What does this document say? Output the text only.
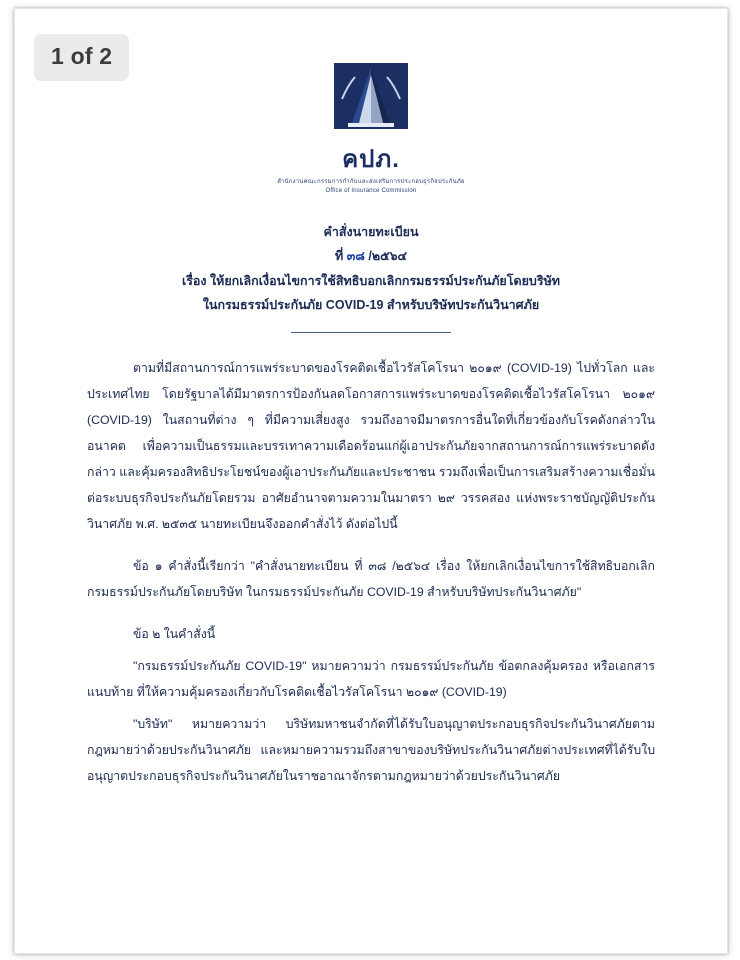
1 of 2
คปภ.
สำนักงานคณะกรรมการกำกับและส่งเสริมการประกอบธุรกิจประกันภัย
Office of Insurance Commission
คำสั่งนายทะเบียน
ที่ ๓๘ /๒๕๖๔
เรื่อง ให้ยกเลิกเงื่อนไขการใช้สิทธิบอกเลิกกรมธรรม์ประกันภัยโดยบริษัท
ในกรมธรรม์ประกันภัย COVID-19 สำหรับบริษัทประกันวินาศภัย

ตามที่มีสถานการณ์การแพร่ระบาดของโรคติดเชื้อไวรัสโคโรนา ๒๐๑๙ (COVID-19) ไปทั่วโลก และประเทศไทย โดยรัฐบาลได้มีมาตรการป้องกันลดโอกาสการแพร่ระบาดของโรคติดเชื้อไวรัสโคโรนา ๒๐๑๙ (COVID-19) ในสถานที่ต่าง ๆ ที่มีความเสี่ยงสูง รวมถึงอาจมีมาตรการอื่นใดที่เกี่ยวข้องกับโรคดังกล่าวในอนาคต เพื่อความเป็นธรรมและบรรเทาความเดือดร้อนแก่ผู้เอาประกันภัยจากสถานการณ์การแพร่ระบาดดังกล่าว และคุ้มครองสิทธิประโยชน์ของผู้เอาประกันภัยและประชาชน รวมถึงเพื่อเป็นการเสริมสร้างความเชื่อมั่นต่อระบบธุรกิจประกันภัยโดยรวม อาศัยอำนาจตามความในมาตรา ๒๙ วรรคสอง แห่งพระราชบัญญัติประกันวินาศภัย พ.ศ. ๒๕๓๕ นายทะเบียนจึงออกคำสั่งไว้ ดังต่อไปนี้

ข้อ ๑ คำสั่งนี้เรียกว่า "คำสั่งนายทะเบียน ที่ ๓๘ /๒๕๖๔ เรื่อง ให้ยกเลิกเงื่อนไขการใช้สิทธิบอกเลิกกรมธรรม์ประกันภัยโดยบริษัท ในกรมธรรม์ประกันภัย COVID-19 สำหรับบริษัทประกันวินาศภัย"

ข้อ ๒ ในคำสั่งนี้

"กรมธรรม์ประกันภัย COVID-19" หมายความว่า กรมธรรม์ประกันภัย ข้อตกลงคุ้มครอง หรือเอกสารแนบท้าย ที่ให้ความคุ้มครองเกี่ยวกับโรคติดเชื้อไวรัสโคโรนา ๒๐๑๙ (COVID-19)

"บริษัท" หมายความว่า บริษัทมหาชนจำกัดที่ได้รับใบอนุญาตประกอบธุรกิจประกันวินาศภัยตามกฎหมายว่าด้วยประกันวินาศภัย และหมายความรวมถึงสาขาของบริษัทประกันวินาศภัยต่างประเทศที่ได้รับใบอนุญาตประกอบธุรกิจประกันวินาศภัยในราชอาณาจักรตามกฎหมายว่าด้วยประกันวินาศภัย
